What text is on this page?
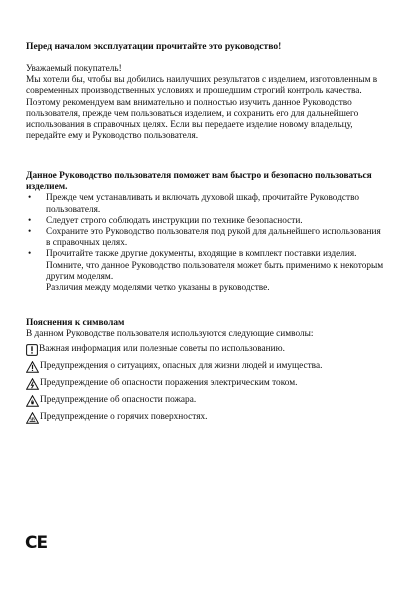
Перед началом эксплуатации прочитайте это руководство!

Уважаемый покупатель!

Мы хотели бы, чтобы вы добились наилучших результатов с изделием, изготовленным в современных производственных условиях и прошедшим строгий контроль качества.

Поэтому рекомендуем вам внимательно и полностью изучить данное Руководство пользователя, прежде чем пользоваться изделием, и сохранить его для дальнейшего использования в справочных целях. Если вы передаете изделие новому владельцу, передайте ему и Руководство пользователя.

Данное Руководство пользователя поможет вам быстро и безопасно пользоваться изделием.
• Прежде чем устанавливать и включать духовой шкаф, прочитайте Руководство пользователя.
• Следует строго соблюдать инструкции по технике безопасности.
• Сохраните это Руководство пользователя под рукой для дальнейшего использования в справочных целях.
• Прочитайте также другие документы, входящие в комплект поставки изделия. Помните, что данное Руководство пользователя может быть применимо к некоторым другим моделям.
Различия между моделями четко указаны в руководстве.
Пояснения к символам

В данном Руководстве пользователя используются следующие символы:

Важная информация или полезные советы по использованию.
Предупреждения о ситуациях, опасных для жизни людей и имущества.
Предупреждение об опасности поражения электрическим током.
Предупреждение об опасности пожара.
Предупреждение о горячих поверхностях.
CE
